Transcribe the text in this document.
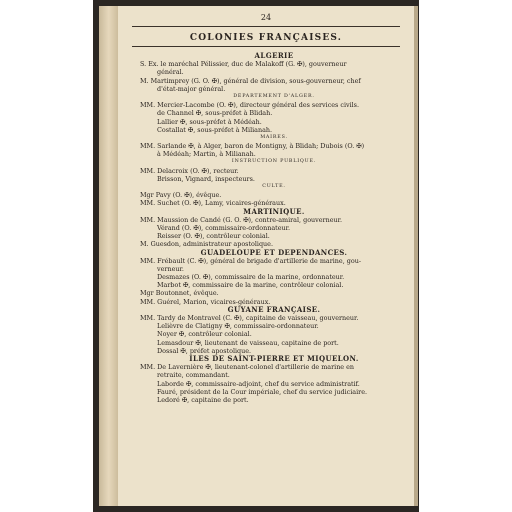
24
COLONIES FRANÇAISES.
ALGÉRIE
S. Ex. le maréchal Pélissier, duc de Malakoff (G. ✠), gouverneur
général.
M. Martimprey (G. O. ✠), général de division, sous-gouverneur, chef
d'état-major général.
DÉPARTEMENT D'ALGER.
MM. Mercier-Lacombe (O. ✠), directeur général des services civils.
de Channel ✠, sous-préfet à Blidah.
Lallier ✠, sous-préfet à Médéah.
Costallat ✠, sous-préfet à Milianah.
MAIRES.
MM. Sarlande ✠, à Alger, baron de Montigny, à Blidah; Dubois (O. ✠)
à Médéah; Martin, à Milianah.
INSTRUCTION PUBLIQUE.
MM. Delacroix (O. ✠), recteur.
Brisson, Vignard, inspecteurs.
CULTE.
Mgr Pavy (O. ✠), évêque.
MM. Suchet (O. ✠), Lamy, vicaires-généraux.
MARTINIQUE.
MM. Maussion de Candé (G. O. ✠), contre-amiral, gouverneur.
Vérand (O. ✠), commissaire-ordonnateur.
Reisser (O. ✠), contrôleur colonial.
M. Guesdon, administrateur apostolique.
GUADELOUPE ET DÉPENDANCES.
MM. Frébault (C. ✠), général de brigade d'artillerie de marine, gou-
verneur.
Desmazes (O. ✠), commissaire de la marine, ordonnateur.
Marbot ✠, commissaire de la marine, contrôleur colonial.
Mgr Boutonnet, évêque.
MM. Guérel, Marion, vicaires-généraux.
GUYANE FRANÇAISE.
MM. Tardy de Montravel (C. ✠), capitaine de vaisseau, gouverneur.
Lelièvre de Clatigny ✠, commissaire-ordonnateur.
Noyer ✠, contrôleur colonial.
Lemasdour ✠, lieutenant de vaisseau, capitaine de port.
Dossal ✠, préfet apostolique.
ILES DE SAINT-PIERRE ET MIQUELON.
MM. De Lavernière ✠, lieutenant-colonel d'artillerie de marine en
retraite, commandant.
Laborde ✠, commissaire-adjoint, chef du service administratif.
Fauré, président de la Cour impériale, chef du service judiciaire.
Ledoré ✠, capitaine de port.
